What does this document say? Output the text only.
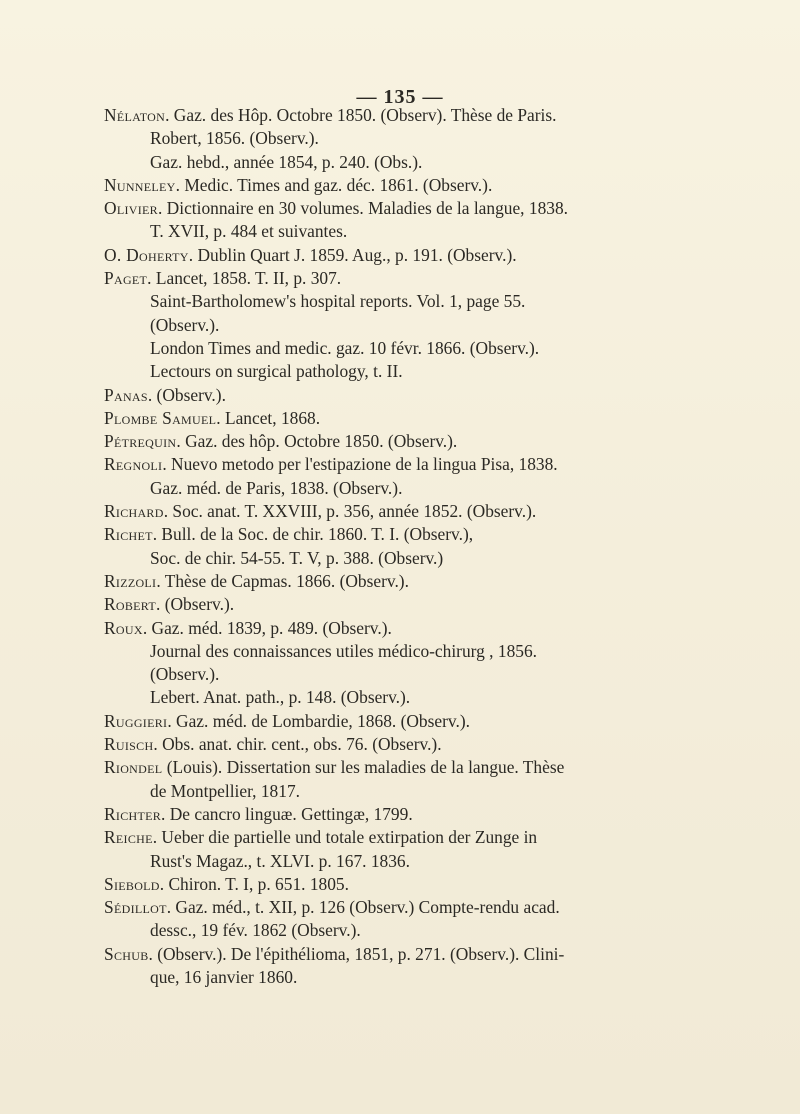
— 135 —
Nélaton. Gaz. des Hôp. Octobre 1850. (Observ). Thèse de Paris.
Robert, 1856. (Observ.).
Gaz. hebd., année 1854, p. 240. (Obs.).
Nunneley. Medic. Times and gaz. déc. 1861. (Observ.).
Olivier. Dictionnaire en 30 volumes. Maladies de la langue, 1838.
T. XVII, p. 484 et suivantes.
O. Doherty. Dublin Quart J. 1859. Aug., p. 191. (Observ.).
Paget. Lancet, 1858. T. II, p. 307.
Saint-Bartholomew's hospital reports. Vol. 1, page 55.
(Observ.).
London Times and medic. gaz. 10 févr. 1866. (Observ.).
Lectours on surgical pathology, t. II.
Panas. (Observ.).
Plombe Samuel. Lancet, 1868.
Pétrequin. Gaz. des hôp. Octobre 1850. (Observ.).
Regnoli. Nuevo metodo per l'estipazione de la lingua Pisa, 1838.
Gaz. méd. de Paris, 1838. (Observ.).
Richard. Soc. anat. T. XXVIII, p. 356, année 1852. (Observ.).
Richet. Bull. de la Soc. de chir. 1860. T. I. (Observ.),
Soc. de chir. 54-55. T. V, p. 388. (Observ.)
Rizzoli. Thèse de Capmas. 1866. (Observ.).
Robert. (Observ.).
Roux. Gaz. méd. 1839, p. 489. (Observ.).
Journal des connaissances utiles médico-chirurg , 1856.
(Observ.).
Lebert. Anat. path., p. 148. (Observ.).
Ruggieri. Gaz. méd. de Lombardie, 1868. (Observ.).
Ruisch. Obs. anat. chir. cent., obs. 76. (Observ.).
Riondel (Louis). Dissertation sur les maladies de la langue. Thèse
de Montpellier, 1817.
Richter. De cancro linguæ. Gettingæ, 1799.
Reiche. Ueber die partielle und totale extirpation der Zunge in
Rust's Magaz., t. XLVI. p. 167. 1836.
Siebold. Chiron. T. I, p. 651. 1805.
Sédillot. Gaz. méd., t. XII, p. 126 (Observ.) Compte-rendu acad.
dessc., 19 fév. 1862 (Observ.).
Schub. (Observ.). De l'épithélioma, 1851, p. 271. (Observ.). Clini-
que, 16 janvier 1860.
